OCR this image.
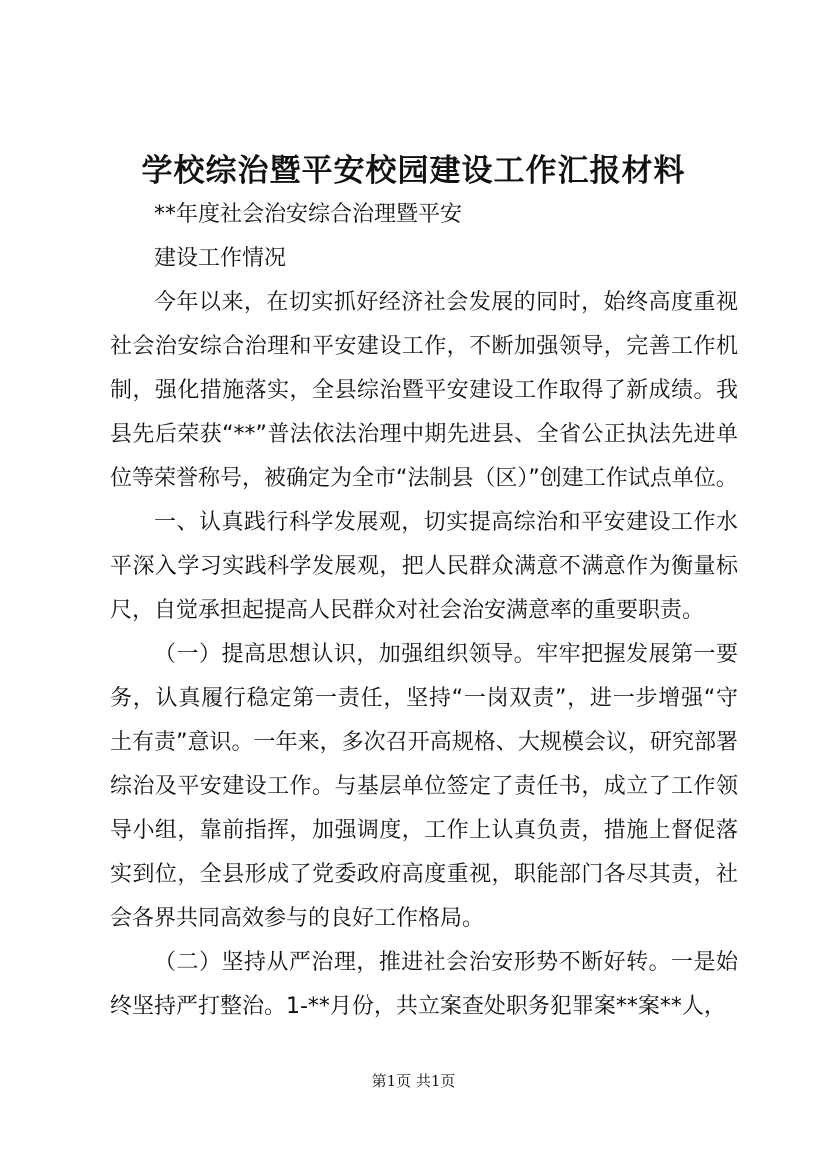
学校综治暨平安校园建设工作汇报材料

**年度社会治安综合治理暨平安

建设工作情况

今年以来，在切实抓好经济社会发展的同时，始终高度重视社会治安综合治理和平安建设工作，不断加强领导，完善工作机制，强化措施落实，全县综治暨平安建设工作取得了新成绩。我县先后荣获“**”普法依法治理中期先进县、全省公正执法先进单位等荣誉称号，被确定为全市“法制县（区）”创建工作试点单位。

一、认真践行科学发展观，切实提高综治和平安建设工作水平深入学习实践科学发展观，把人民群众满意不满意作为衡量标尺，自觉承担起提高人民群众对社会治安满意率的重要职责。

（一）提高思想认识，加强组织领导。牢牢把握发展第一要务，认真履行稳定第一责任，坚持“一岗双责”，进一步增强“守土有责”意识。一年来，多次召开高规格、大规模会议，研究部署综治及平安建设工作。与基层单位签定了责任书，成立了工作领导小组，靠前指挥，加强调度，工作上认真负责，措施上督促落实到位，全县形成了党委政府高度重视，职能部门各尽其责，社会各界共同高效参与的良好工作格局。

（二）坚持从严治理，推进社会治安形势不断好转。一是始终坚持严打整治。1-**月份，共立案查处职务犯罪案**案**人，

第1页 共1页
